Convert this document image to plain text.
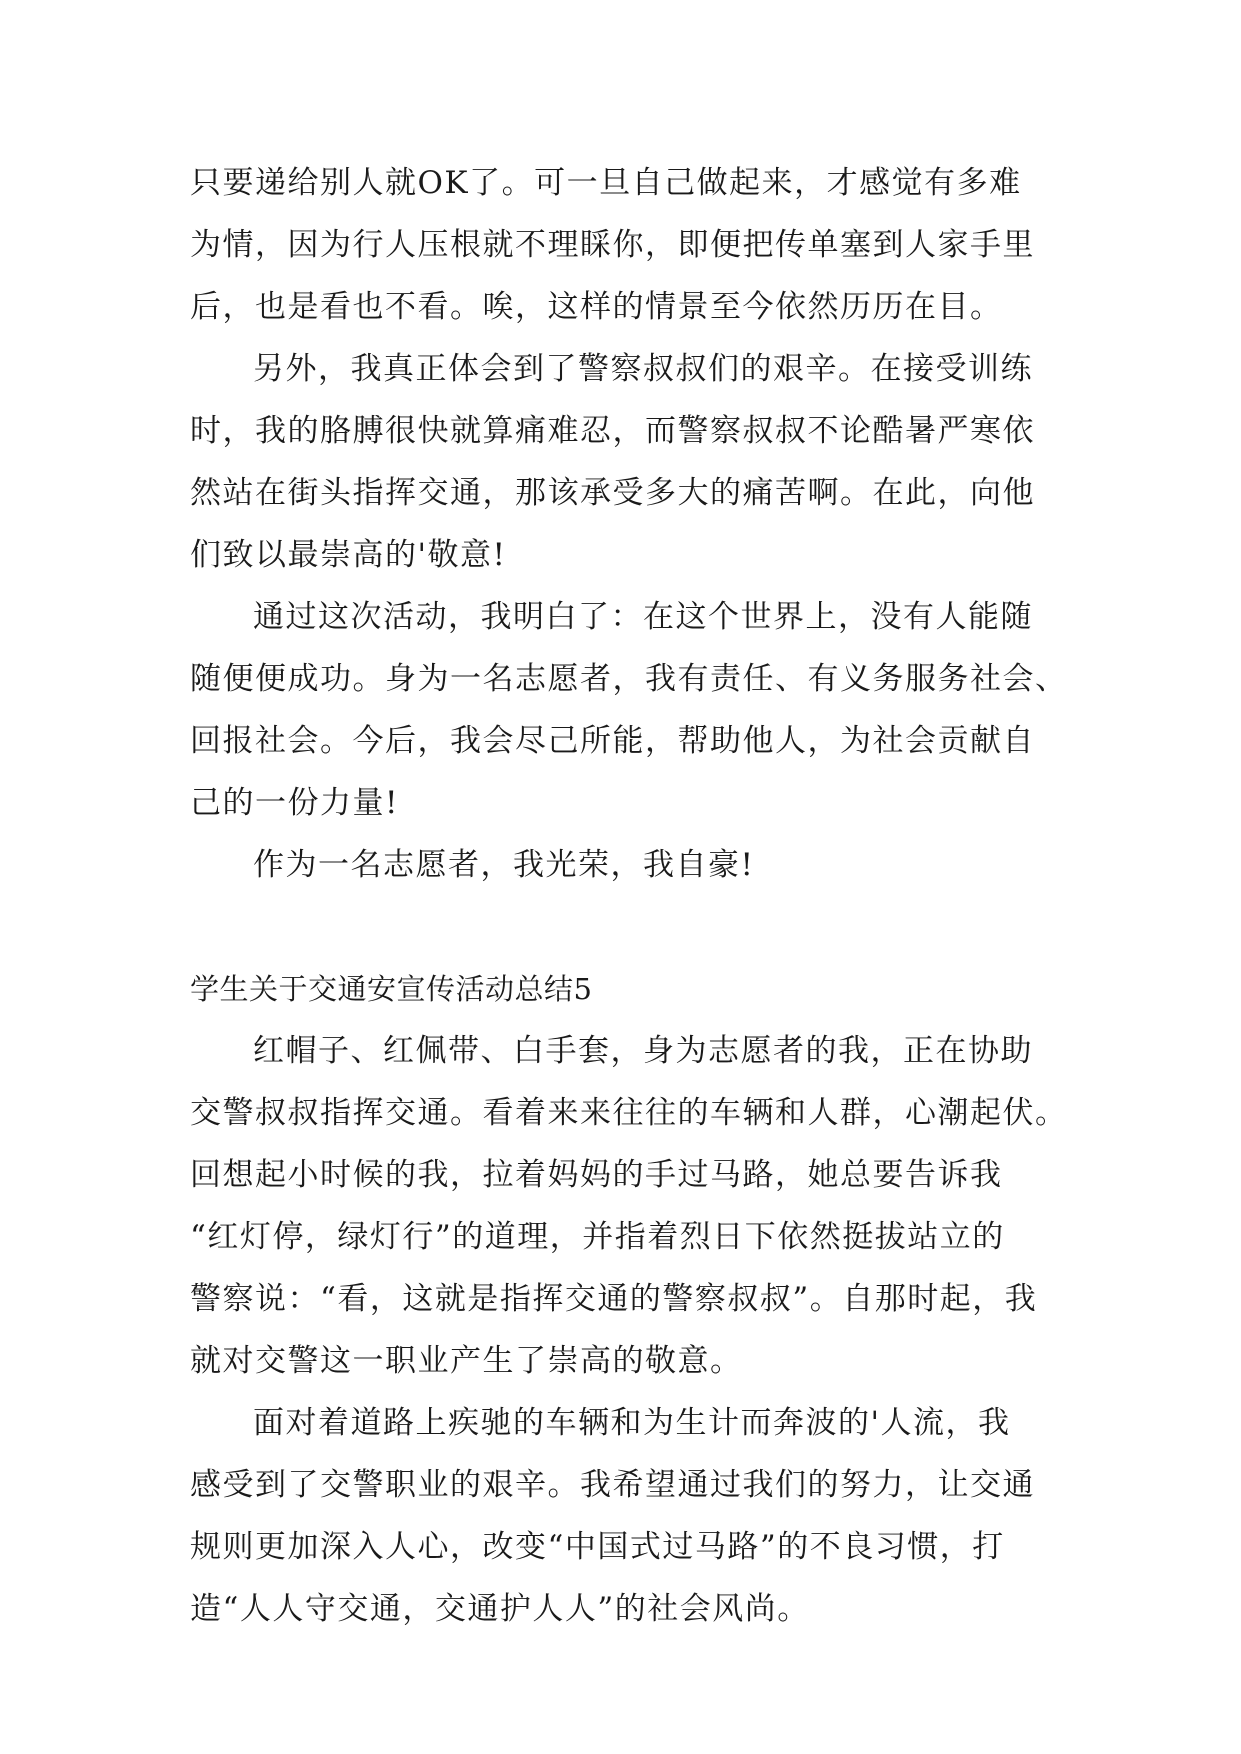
只要递给别人就OK了。可一旦自己做起来，才感觉有多难
为情，因为行人压根就不理睬你，即便把传单塞到人家手里
后，也是看也不看。唉，这样的情景至今依然历历在目。
另外，我真正体会到了警察叔叔们的艰辛。在接受训练
时，我的胳膊很快就算痛难忍，而警察叔叔不论酷暑严寒依
然站在街头指挥交通，那该承受多大的痛苦啊。在此，向他
们致以最崇高的'敬意!
通过这次活动，我明白了：在这个世界上，没有人能随
随便便成功。身为一名志愿者，我有责任、有义务服务社会、
回报社会。今后，我会尽己所能，帮助他人，为社会贡献自
己的一份力量!
作为一名志愿者，我光荣，我自豪!
学生关于交通安宣传活动总结5
红帽子、红佩带、白手套，身为志愿者的我，正在协助
交警叔叔指挥交通。看着来来往往的车辆和人群，心潮起伏。
回想起小时候的我，拉着妈妈的手过马路，她总要告诉我
“红灯停，绿灯行”的道理，并指着烈日下依然挺拔站立的
警察说：“看，这就是指挥交通的警察叔叔”。自那时起，我
就对交警这一职业产生了崇高的敬意。
面对着道路上疾驰的车辆和为生计而奔波的'人流，我
感受到了交警职业的艰辛。我希望通过我们的努力，让交通
规则更加深入人心，改变“中国式过马路”的不良习惯，打
造“人人守交通，交通护人人”的社会风尚。
